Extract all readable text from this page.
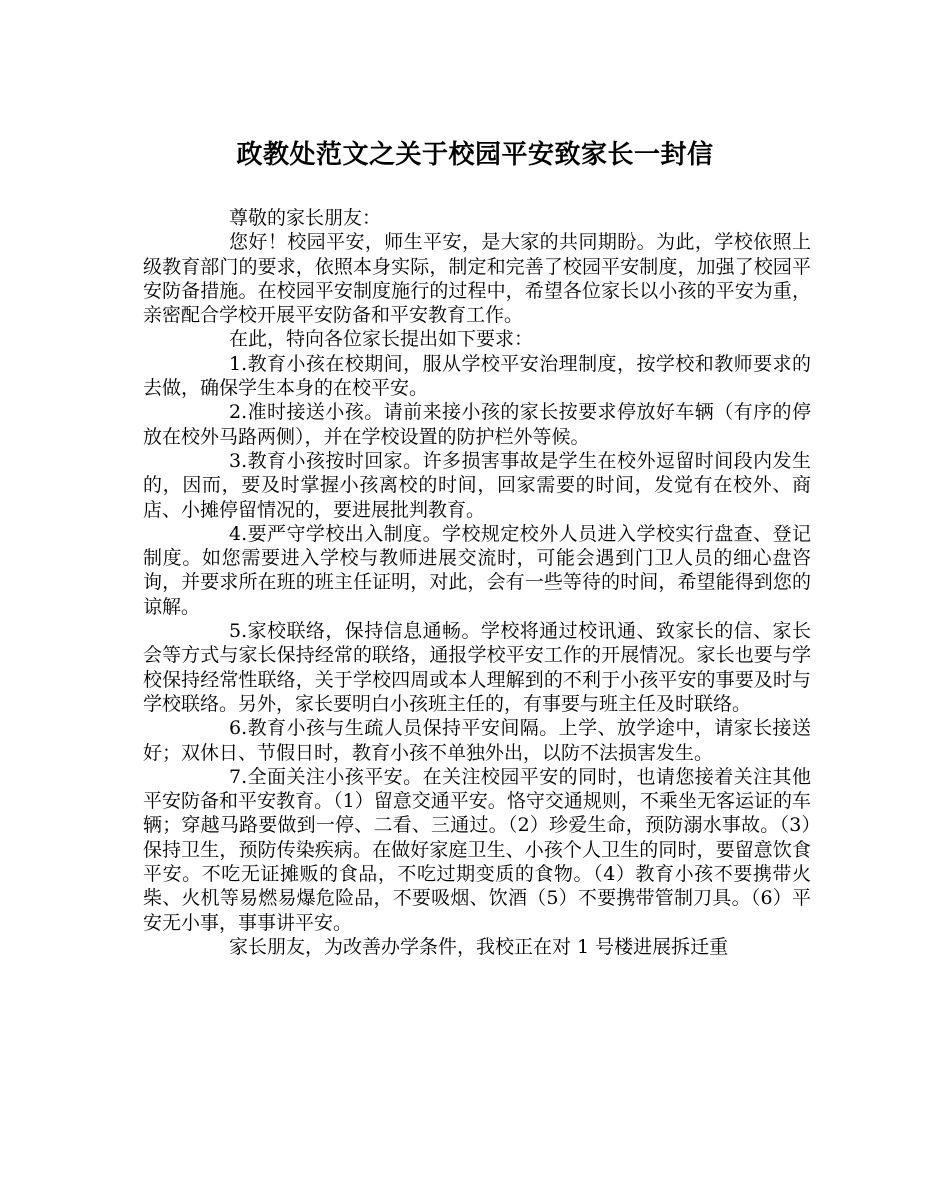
政教处范文之关于校园平安致家长一封信

尊敬的家长朋友：

您好！校园平安，师生平安，是大家的共同期盼。为此，学校依照上级教育部门的要求，依照本身实际，制定和完善了校园平安制度，加强了校园平安防备措施。在校园平安制度施行的过程中，希望各位家长以小孩的平安为重，亲密配合学校开展平安防备和平安教育工作。

在此，特向各位家长提出如下要求：

1.教育小孩在校期间，服从学校平安治理制度，按学校和教师要求的去做，确保学生本身的在校平安。

2.准时接送小孩。请前来接小孩的家长按要求停放好车辆（有序的停放在校外马路两侧），并在学校设置的防护栏外等候。

3.教育小孩按时回家。许多损害事故是学生在校外逗留时间段内发生的，因而，要及时掌握小孩离校的时间，回家需要的时间，发觉有在校外、商店、小摊停留情况的，要进展批判教育。

4.要严守学校出入制度。学校规定校外人员进入学校实行盘查、登记制度。如您需要进入学校与教师进展交流时，可能会遇到门卫人员的细心盘咨询，并要求所在班的班主任证明，对此，会有一些等待的时间，希望能得到您的谅解。

5.家校联络，保持信息通畅。学校将通过校讯通、致家长的信、家长会等方式与家长保持经常的联络，通报学校平安工作的开展情况。家长也要与学校保持经常性联络，关于学校四周或本人理解到的不利于小孩平安的事要及时与学校联络。另外，家长要明白小孩班主任的，有事要与班主任及时联络。

6.教育小孩与生疏人员保持平安间隔。上学、放学途中，请家长接送好；双休日、节假日时，教育小孩不单独外出，以防不法损害发生。

7.全面关注小孩平安。在关注校园平安的同时，也请您接着关注其他平安防备和平安教育。（1）留意交通平安。恪守交通规则，不乘坐无客运证的车辆；穿越马路要做到一停、二看、三通过。（2）珍爱生命，预防溺水事故。（3）保持卫生，预防传染疾病。在做好家庭卫生、小孩个人卫生的同时，要留意饮食平安。不吃无证摊贩的食品，不吃过期变质的食物。（4）教育小孩不要携带火柴、火机等易燃易爆危险品，不要吸烟、饮酒（5）不要携带管制刀具。（6）平安无小事，事事讲平安。

家长朋友，为改善办学条件，我校正在对 1 号楼进展拆迁重
